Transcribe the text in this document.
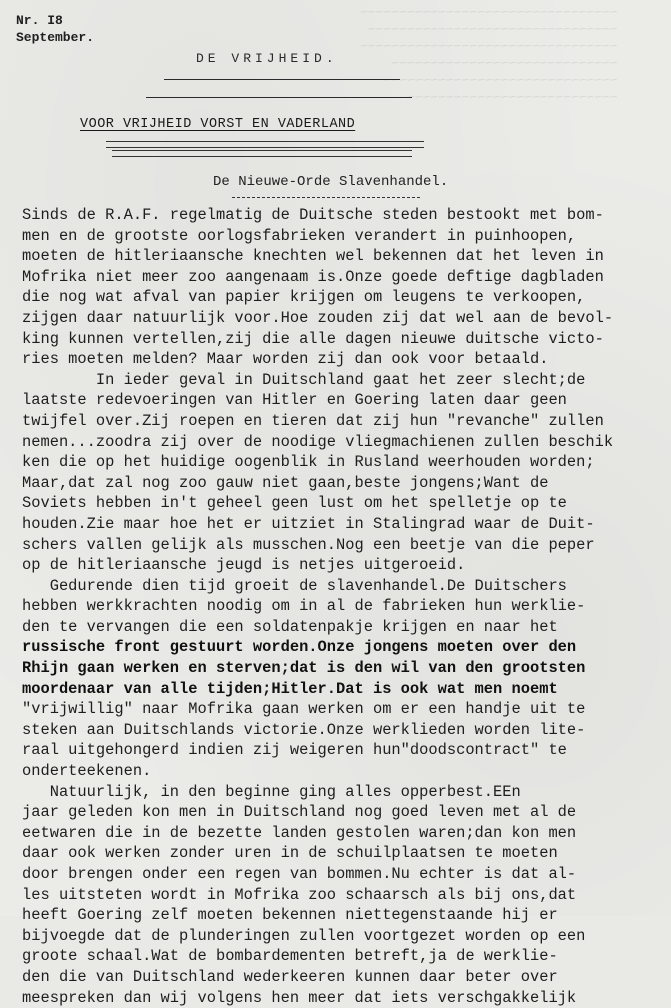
~~~~~~~~~~~~~~~~~~~~~~~~~~~~~~~~~
~~~~~~~~~~~~~~~~~~~~~~~~~~~~~~~~
~~~~~~~~~~~~~~~~~~~~~~~~~~~~~~~~~
~~~~~~~~~~~~~~~~~~~~~~~~~~~~~
~~~~~~~~~~~~~~~~~~~~~~~~~~~~~~
~~~~~~~~~~~~~~~~~~~~~~~~~~~
Nr. I8
September.
DE VRIJHEID.
VOOR VRIJHEID VORST EN VADERLAND
De Nieuwe-Orde Slavenhandel.
Sinds de R.A.F. regelmatig de Duitsche steden bestookt met bom-
men en de grootste oorlogsfabrieken verandert in puinhoopen,
moeten de hitleriaansche knechten wel bekennen dat het leven in
Mofrika niet meer zoo aangenaam is.Onze goede deftige dagbladen
die nog wat afval van papier krijgen om leugens te verkoopen,
zijgen daar natuurlijk voor.Hoe zouden zij dat wel aan de bevol-
king kunnen vertellen,zij die alle dagen nieuwe duitsche victo-
ries moeten melden? Maar worden zij dan ook voor betaald.
In ieder geval in Duitschland gaat het zeer slecht;de
laatste redevoeringen van Hitler en Goering laten daar geen
twijfel over.Zij roepen en tieren dat zij hun "revanche" zullen
nemen...zoodra zij over de noodige vliegmachienen zullen beschik
ken die op het huidige oogenblik in Rusland weerhouden worden;
Maar,dat zal nog zoo gauw niet gaan,beste jongens;Want de
Soviets hebben in't geheel geen lust om het spelletje op te
houden.Zie maar hoe het er uitziet in Stalingrad waar de Duit-
schers vallen gelijk als musschen.Nog een beetje van die peper
op de hitleriaansche jeugd is netjes uitgeroeid.
Gedurende dien tijd groeit de slavenhandel.De Duitschers
hebben werkkrachten noodig om in al de fabrieken hun werklie-
den te vervangen die een soldatenpakje krijgen en naar het
russische front gestuurt worden.Onze jongens moeten over den
Rhijn gaan werken en sterven;dat is den wil van den grootsten
moordenaar van alle tijden;Hitler.Dat is ook wat men noemt
"vrijwillig" naar Mofrika gaan werken om er een handje uit te
steken aan Duitschlands victorie.Onze werklieden worden lite-
raal uitgehongerd indien zij weigeren hun"doodscontract" te
onderteekenen.
Natuurlijk, in den beginne ging alles opperbest.EEn
jaar geleden kon men in Duitschland nog goed leven met al de
eetwaren die in de bezette landen gestolen waren;dan kon men
daar ook werken zonder uren in de schuilplaatsen te moeten
door brengen onder een regen van bommen.Nu echter is dat al-
les uitsteten wordt in Mofrika zoo schaarsch als bij ons,dat
heeft Goering zelf moeten bekennen niettegenstaande hij er
bijvoegde dat de plunderingen zullen voortgezet worden op een
groote schaal.Wat de bombardementen betreft,ja de werklie-
den die van Duitschland wederkeeren kunnen daar beter over
meespreken dan wij volgens hen meer dat iets verschgakkelijk
